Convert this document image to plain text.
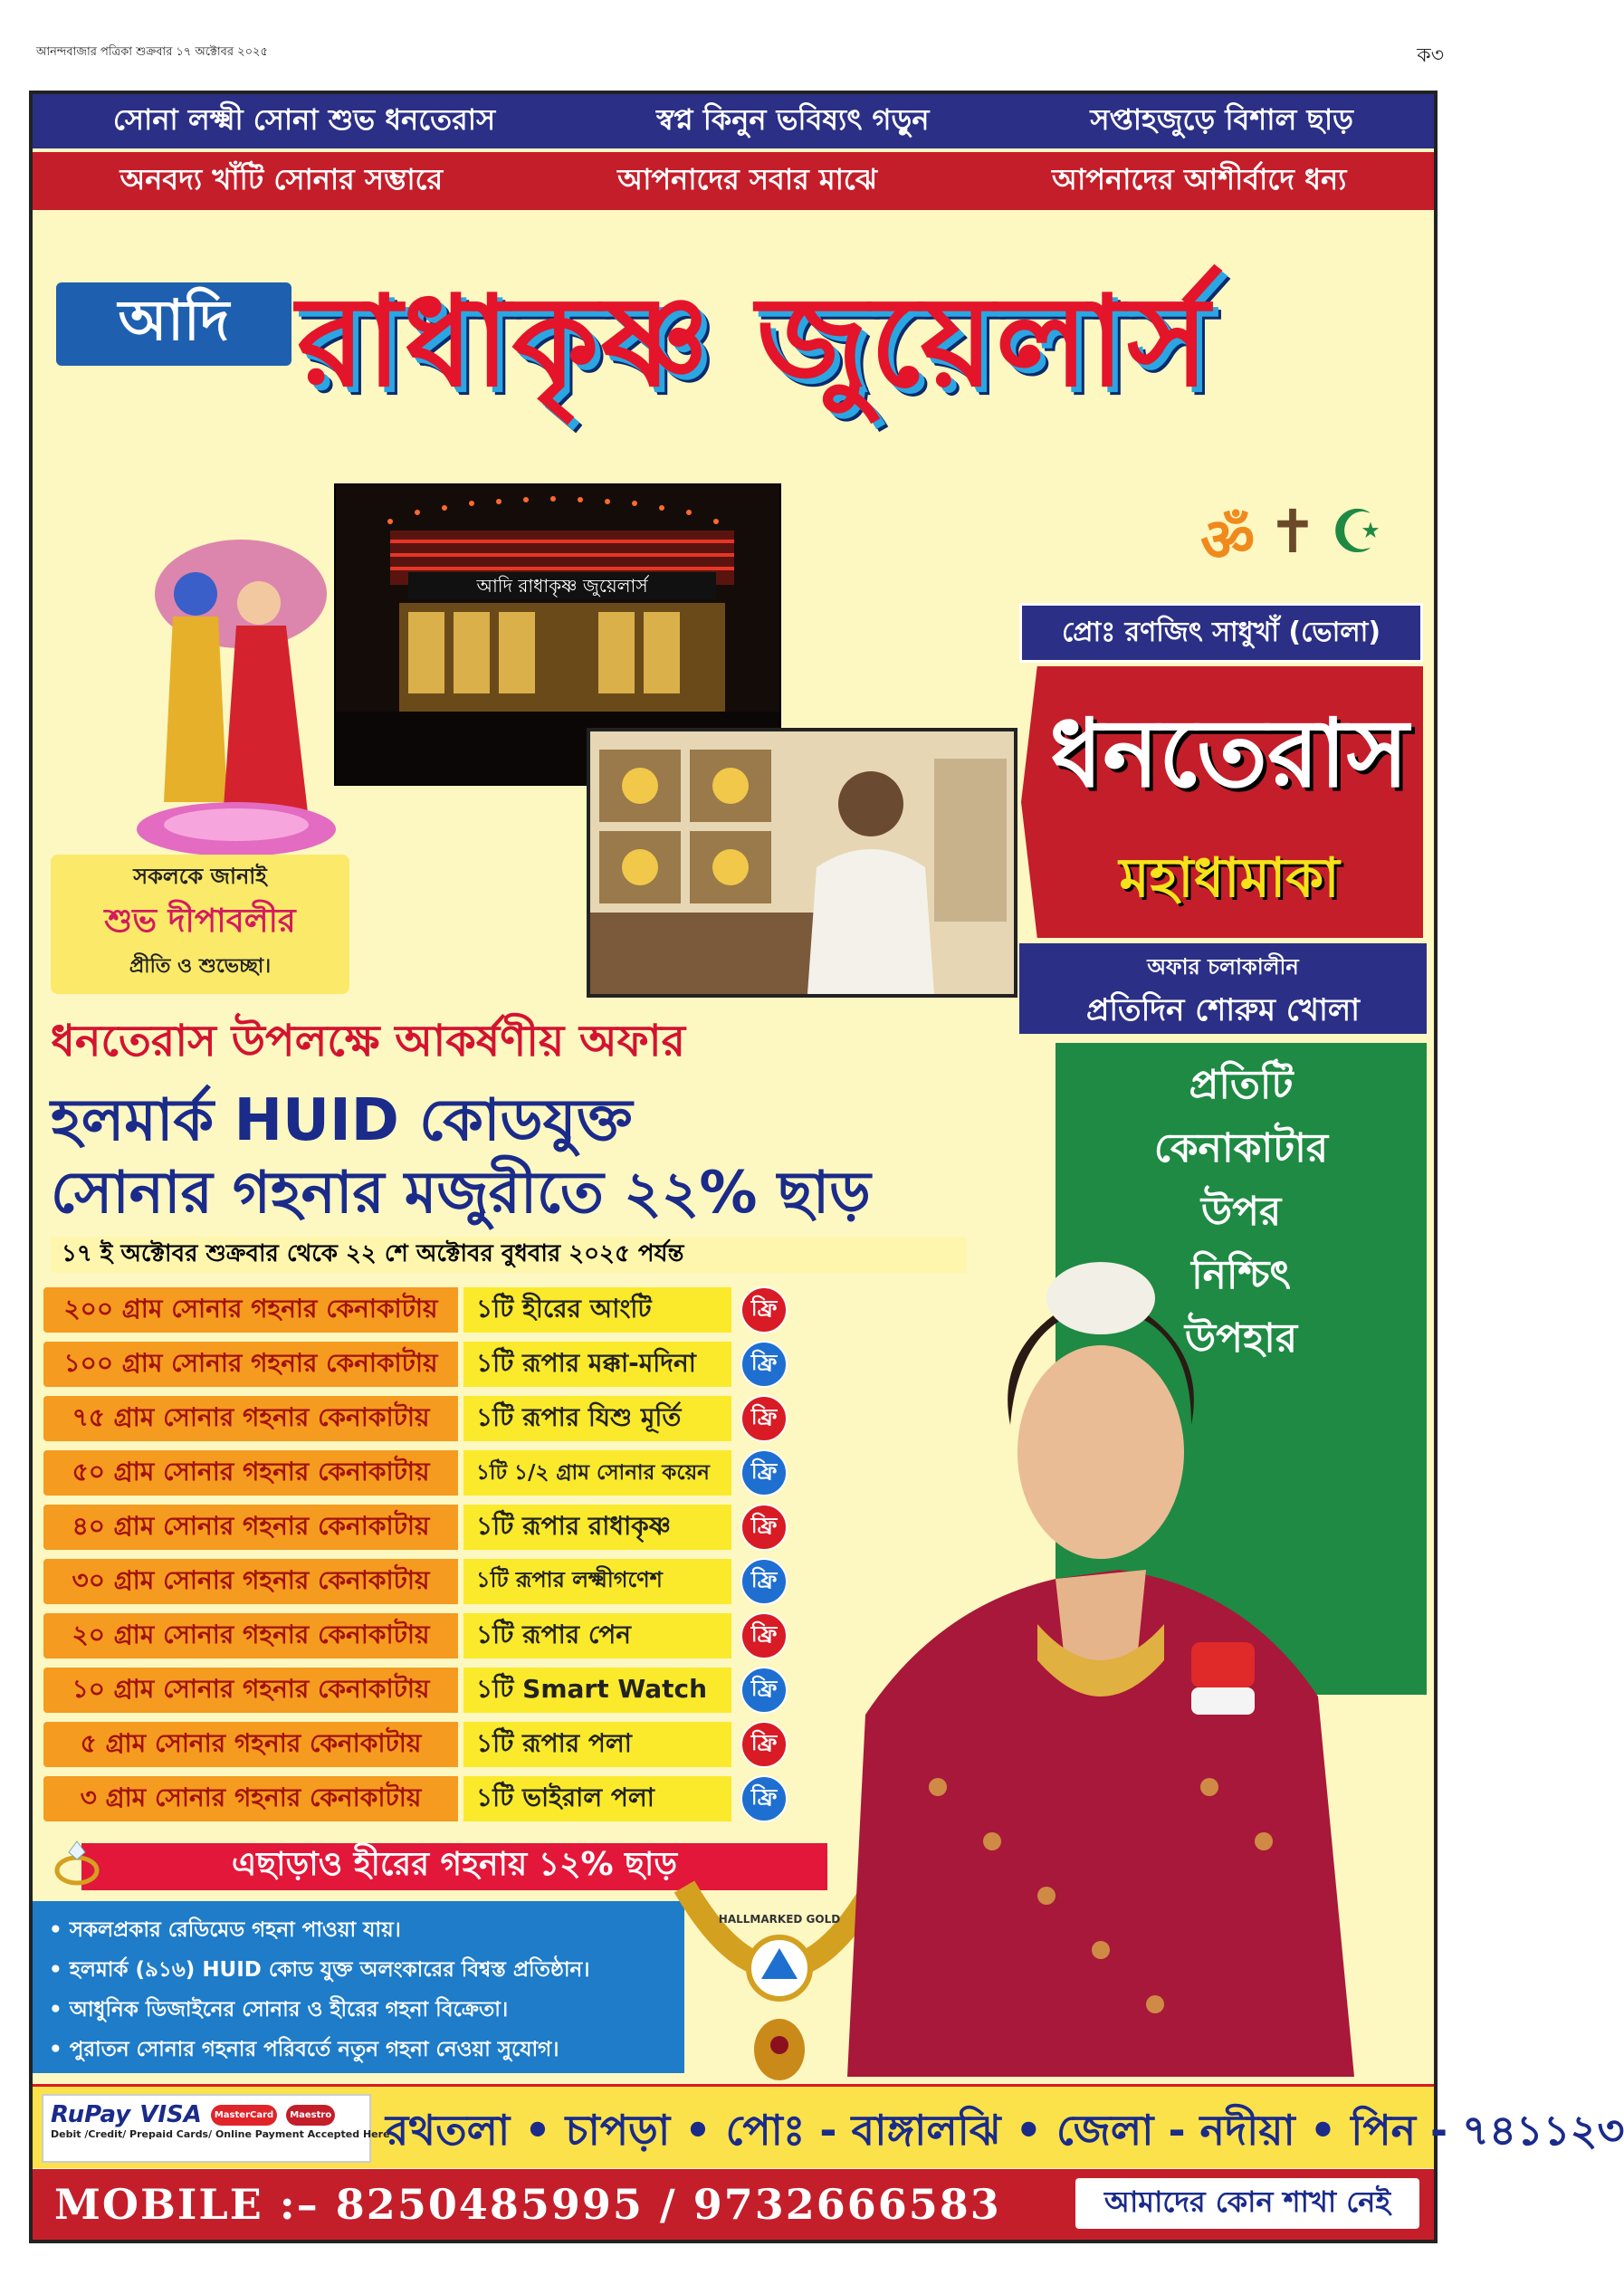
আনন্দবাজার পত্রিকা শুক্রবার ১৭ অক্টোবর ২০২৫	ক৩
সোনা লক্ষ্মী সোনা শুভ ধনতেরাস	স্বপ্ন কিনুন ভবিষ্যৎ গড়ুন	সপ্তাহজুড়ে বিশাল ছাড়
অনবদ্য খাঁটি সোনার সম্ভারে	আপনাদের সবার মাঝে	আপনাদের আশীর্বাদে ধন্য
আদি রাধাকৃষ্ণ জুয়েলার্স
ॐ ✝ ☪
আদি রাধাকৃষ্ণ জুয়েলার্স
সকলকে জানাই
শুভ দীপাবলীর
প্রীতি ও শুভেচ্ছা।
প্রোঃ রণজিৎ সাধুখাঁ (ভোলা)
ধনতেরাস
মহাধামাকা
অফার চলাকালীন
প্রতিদিন শোরুম খোলা
প্রতিটি
কেনাকাটার
উপর
নিশ্চিৎ
উপহার
ধনতেরাস উপলক্ষে আকর্ষণীয় অফার
হলমার্ক HUID কোডযুক্ত
সোনার গহনার মজুরীতে ২২% ছাড়
১৭ ই অক্টোবর শুক্রবার থেকে ২২ শে অক্টোবর বুধবার ২০২৫ পর্যন্ত
২০০ গ্রাম সোনার গহনার কেনাকাটায়	১টি হীরের আংটি	ফ্রি
১০০ গ্রাম সোনার গহনার কেনাকাটায়	১টি রূপার মক্কা-মদিনা	ফ্রি
৭৫ গ্রাম সোনার গহনার কেনাকাটায়	১টি রূপার যিশু মূর্তি	ফ্রি
৫০ গ্রাম সোনার গহনার কেনাকাটায়	১টি ১/২ গ্রাম সোনার কয়েন	ফ্রি
৪০ গ্রাম সোনার গহনার কেনাকাটায়	১টি রূপার রাধাকৃষ্ণ	ফ্রি
৩০ গ্রাম সোনার গহনার কেনাকাটায়	১টি রূপার লক্ষ্মীগণেশ	ফ্রি
২০ গ্রাম সোনার গহনার কেনাকাটায়	১টি রূপার পেন	ফ্রি
১০ গ্রাম সোনার গহনার কেনাকাটায়	১টি Smart Watch	ফ্রি
৫ গ্রাম সোনার গহনার কেনাকাটায়	১টি রূপার পলা	ফ্রি
৩ গ্রাম সোনার গহনার কেনাকাটায়	১টি ভাইরাল পলা	ফ্রি
এছাড়াও হীরের গহনায় ১২% ছাড়
• সকলপ্রকার রেডিমেড গহনা পাওয়া যায়।
• হলমার্ক (৯১৬) HUID কোড যুক্ত অলংকারের বিশ্বস্ত প্রতিষ্ঠান।
• আধুনিক ডিজাইনের সোনার ও হীরের গহনা বিক্রেতা।
• পুরাতন সোনার গহনার পরিবর্তে নতুন গহনা নেওয়া সুযোগ।
HALLMARKED GOLD
RuPay VISA	MasterCard	Maestro
Debit /Credit/ Prepaid Cards/ Online Payment Accepted Here
রথতলা • চাপড়া • পোঃ - বাঙ্গালঝি • জেলা - নদীয়া • পিন - ৭৪১১২৩
MOBILE :– 8250485995 / 9732666583	আমাদের কোন শাখা নেই
